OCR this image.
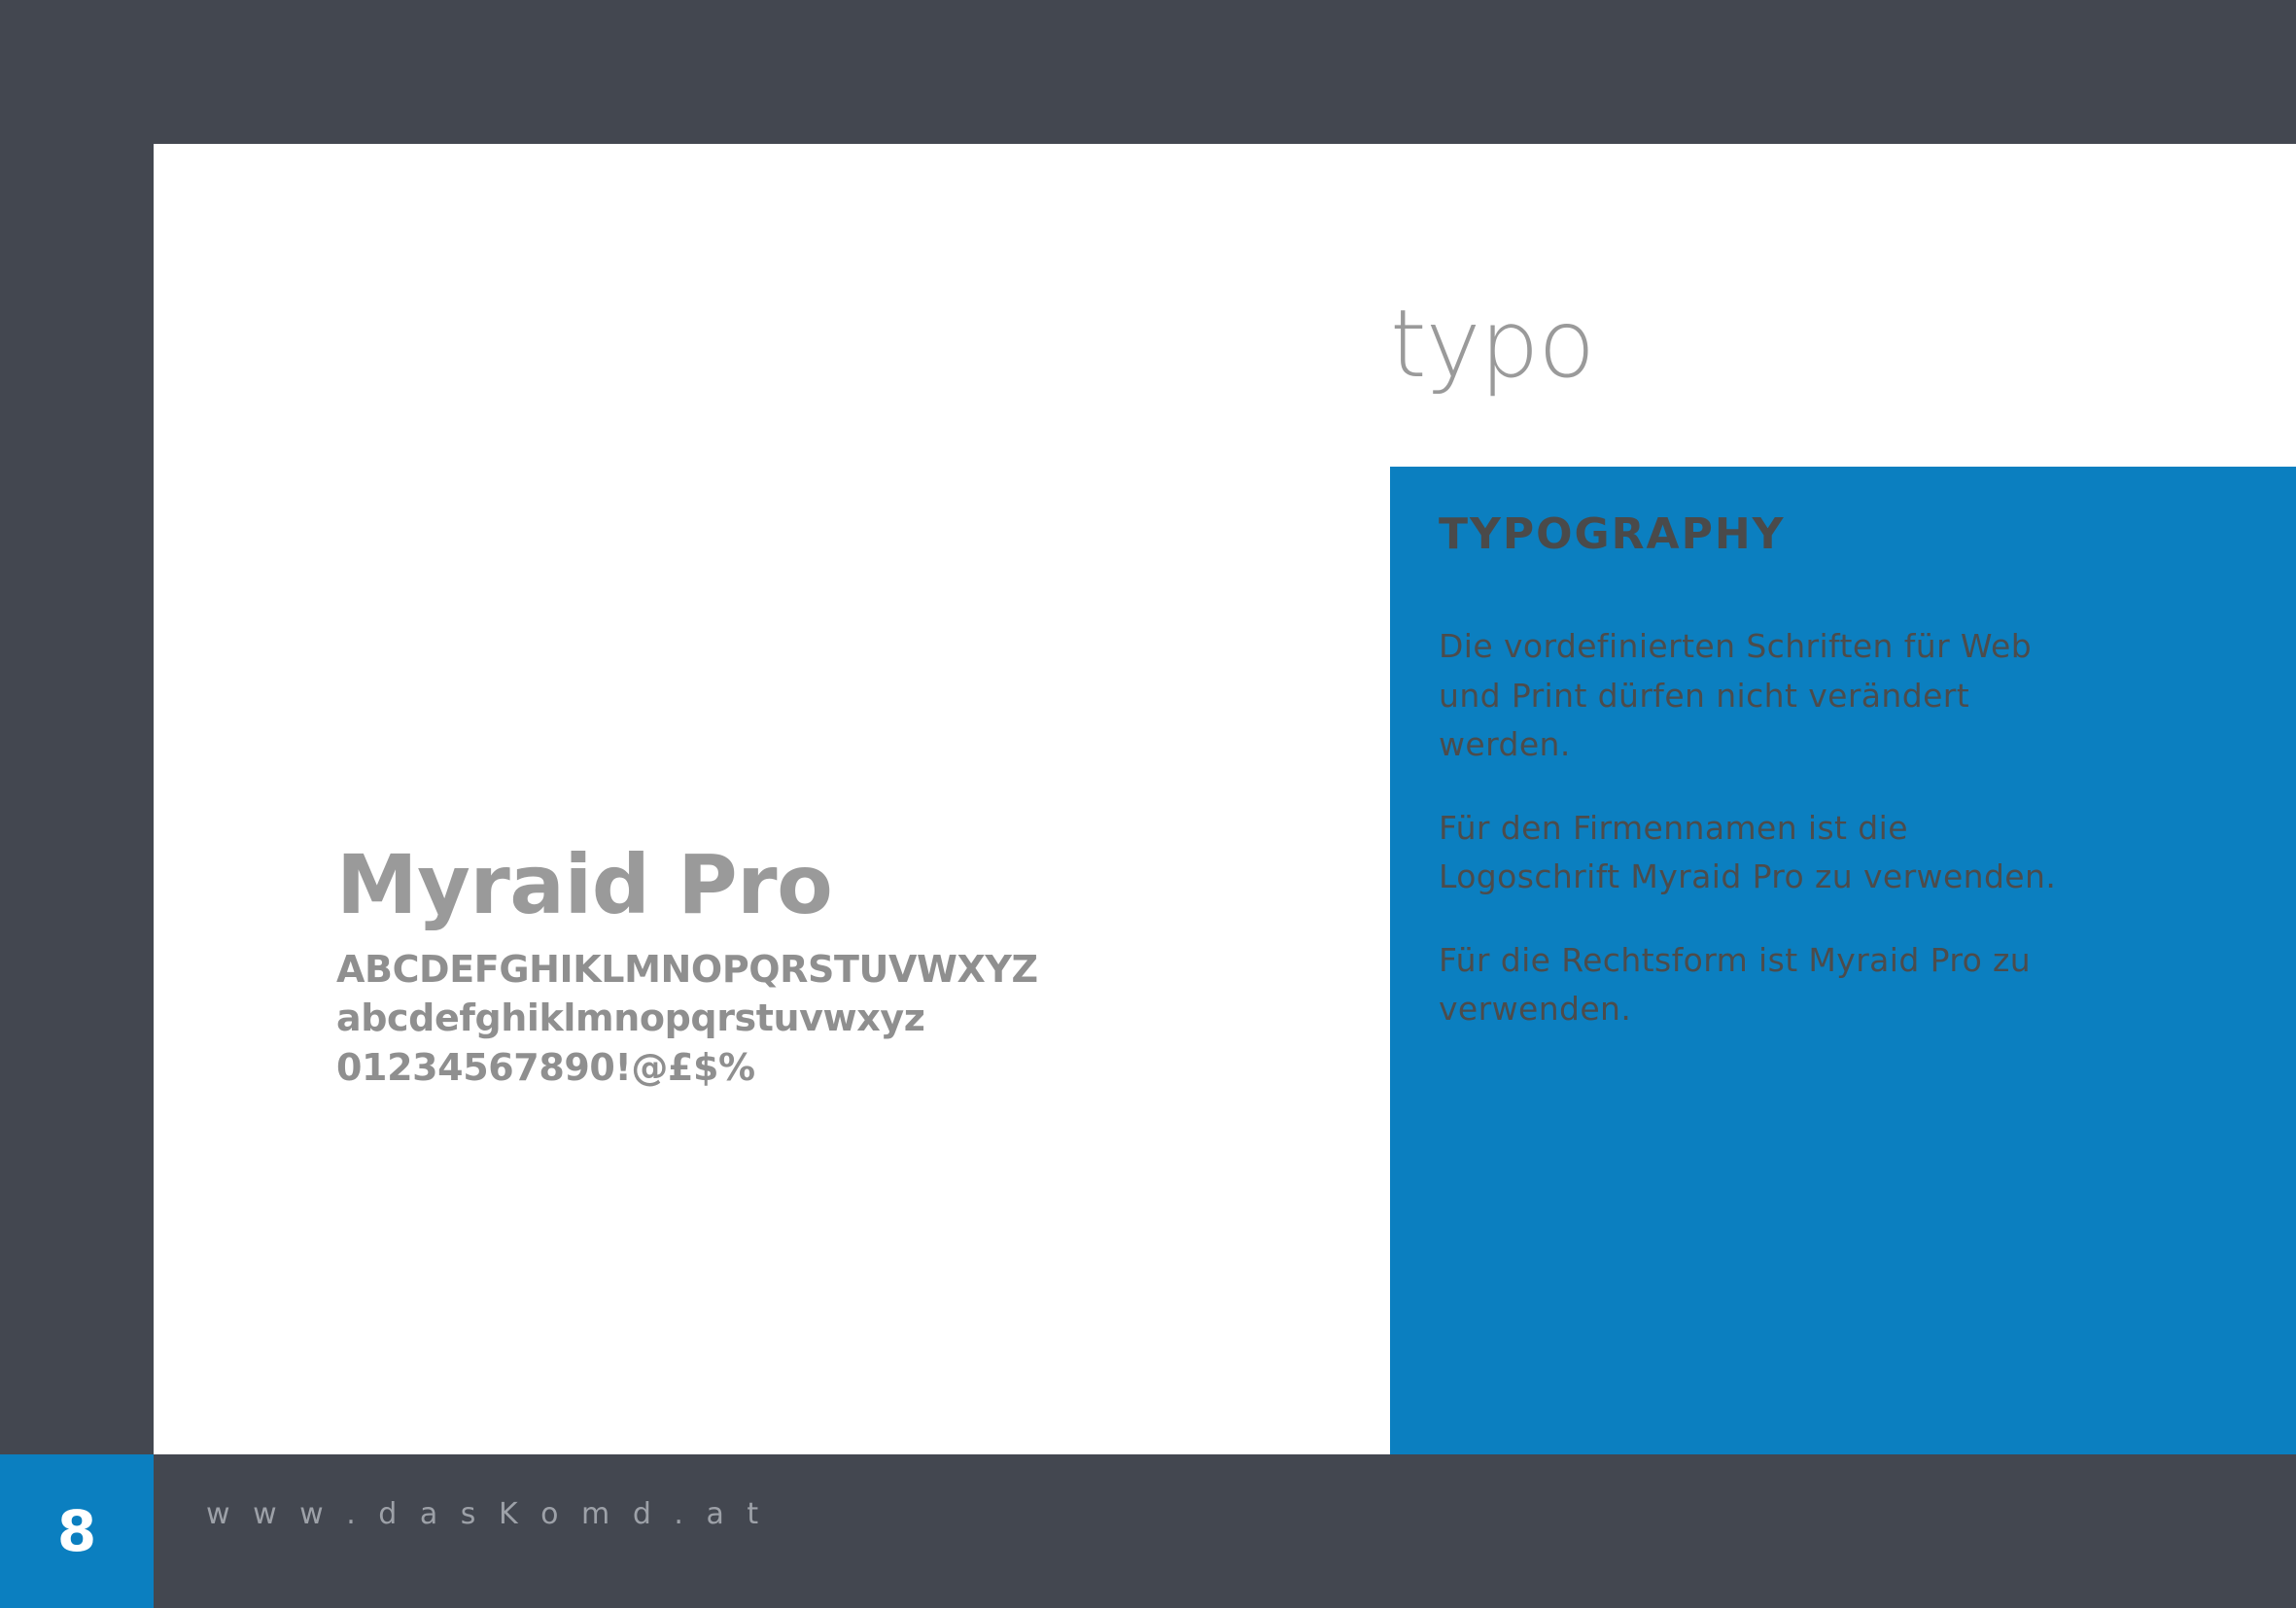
typo
Myraid Pro
ABCDEFGHIKLMNOPQRSTUVWXYZ
abcdefghiklmnopqrstuvwxyz
01234567890!@£$%
TYPOGRAPHY

Die vordefinierten Schriften für Web und Print dürfen nicht verändert werden.

Für den Firmennamen ist die Logoschrift Myraid Pro zu verwenden.

Für die Rechtsform ist Myraid Pro zu verwenden.

8	w w w . d a s K o m d . a t
